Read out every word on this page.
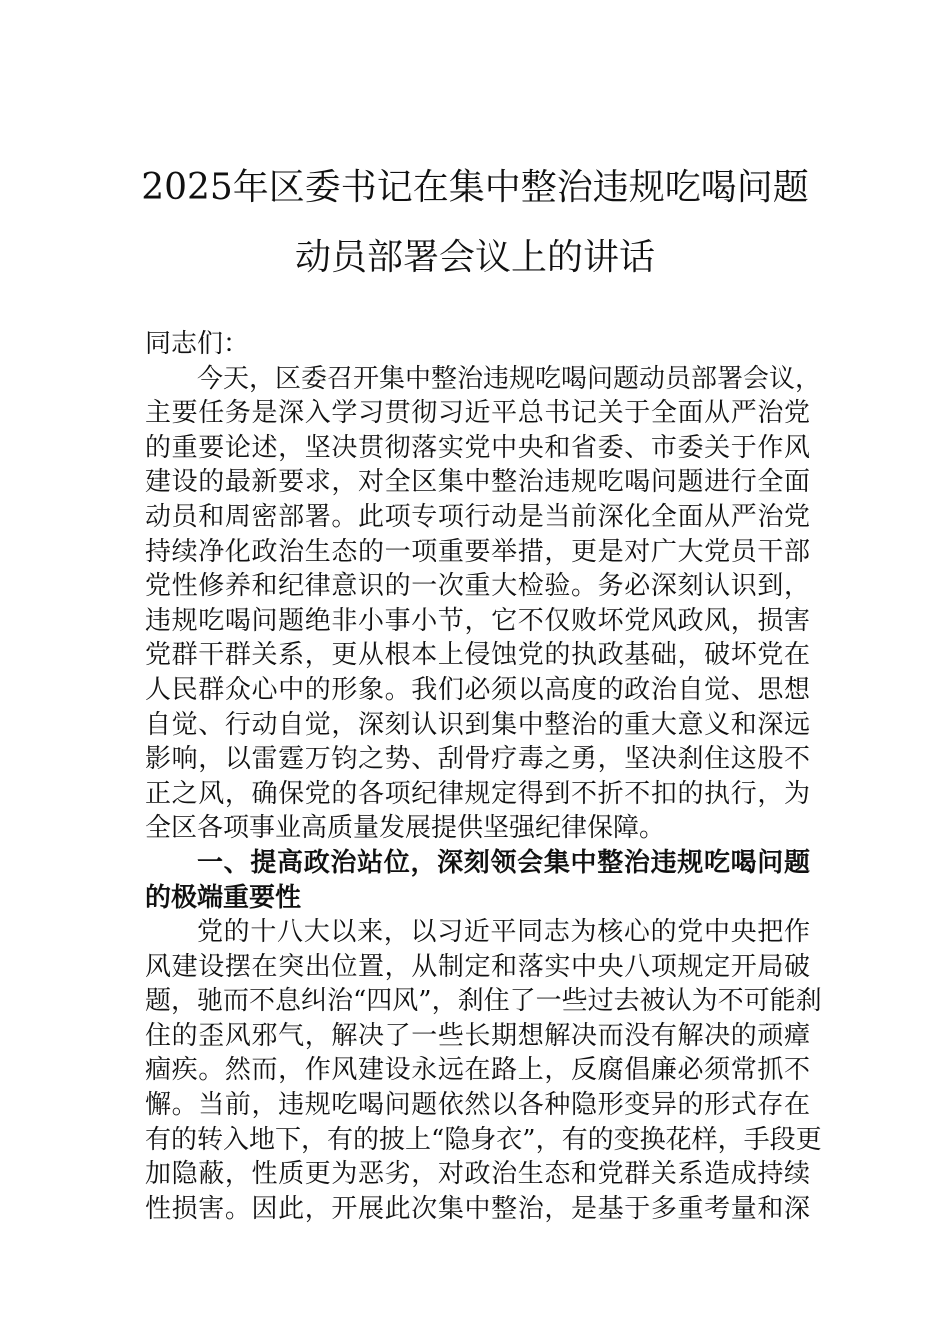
2025年区委书记在集中整治违规吃喝问题
动员部署会议上的讲话
同志们：
今天，区委召开集中整治违规吃喝问题动员部署会议，
主要任务是深入学习贯彻习近平总书记关于全面从严治党
的重要论述，坚决贯彻落实党中央和省委、市委关于作风
建设的最新要求，对全区集中整治违规吃喝问题进行全面
动员和周密部署。此项专项行动是当前深化全面从严治党
持续净化政治生态的一项重要举措，更是对广大党员干部
党性修养和纪律意识的一次重大检验。务必深刻认识到，
违规吃喝问题绝非小事小节，它不仅败坏党风政风，损害
党群干群关系，更从根本上侵蚀党的执政基础，破坏党在
人民群众心中的形象。我们必须以高度的政治自觉、思想
自觉、行动自觉，深刻认识到集中整治的重大意义和深远
影响，以雷霆万钧之势、刮骨疗毒之勇，坚决刹住这股不
正之风，确保党的各项纪律规定得到不折不扣的执行，为
全区各项事业高质量发展提供坚强纪律保障。
一、提高政治站位，深刻领会集中整治违规吃喝问题
的极端重要性
党的十八大以来，以习近平同志为核心的党中央把作
风建设摆在突出位置，从制定和落实中央八项规定开局破
题，驰而不息纠治“四风”，刹住了一些过去被认为不可能刹
住的歪风邪气，解决了一些长期想解决而没有解决的顽瘴
痼疾。然而，作风建设永远在路上，反腐倡廉必须常抓不
懈。当前，违规吃喝问题依然以各种隐形变异的形式存在
有的转入地下，有的披上“隐身衣”，有的变换花样，手段更
加隐蔽，性质更为恶劣，对政治生态和党群关系造成持续
性损害。因此，开展此次集中整治，是基于多重考量和深
